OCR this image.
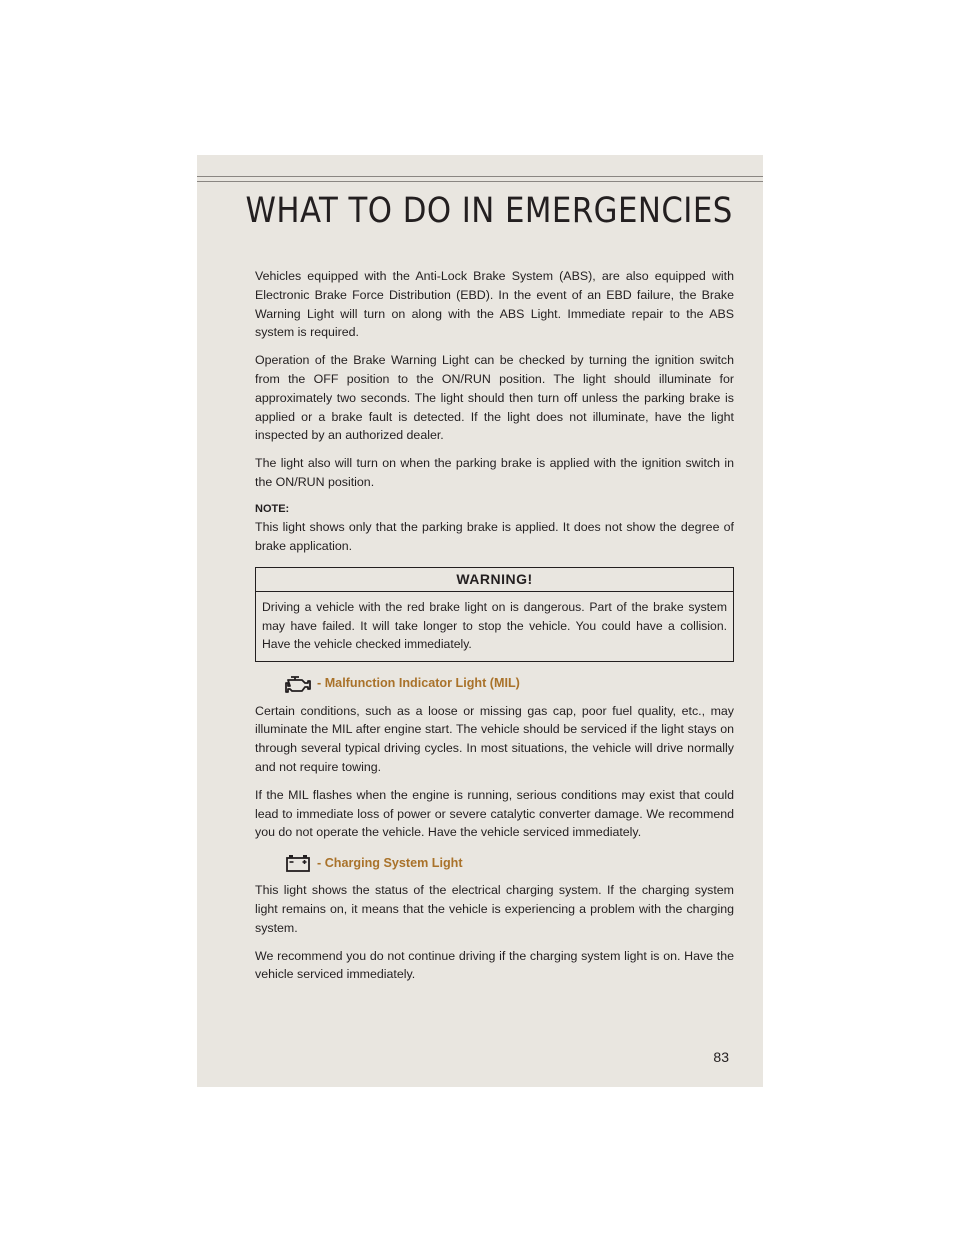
WHAT TO DO IN EMERGENCIES

Vehicles equipped with the Anti-Lock Brake System (ABS), are also equipped with Electronic Brake Force Distribution (EBD). In the event of an EBD failure, the Brake Warning Light will turn on along with the ABS Light. Immediate repair to the ABS system is required.

Operation of the Brake Warning Light can be checked by turning the ignition switch from the OFF position to the ON/RUN position. The light should illuminate for approximately two seconds. The light should then turn off unless the parking brake is applied or a brake fault is detected. If the light does not illuminate, have the light inspected by an authorized dealer.

The light also will turn on when the parking brake is applied with the ignition switch in the ON/RUN position.

NOTE:

This light shows only that the parking brake is applied. It does not show the degree of brake application.

WARNING!
Driving a vehicle with the red brake light on is dangerous. Part of the brake system may have failed. It will take longer to stop the vehicle. You could have a collision. Have the vehicle checked immediately.
- Malfunction Indicator Light (MIL)

Certain conditions, such as a loose or missing gas cap, poor fuel quality, etc., may illuminate the MIL after engine start. The vehicle should be serviced if the light stays on through several typical driving cycles. In most situations, the vehicle will drive normally and not require towing.

If the MIL flashes when the engine is running, serious conditions may exist that could lead to immediate loss of power or severe catalytic converter damage. We recommend you do not operate the vehicle. Have the vehicle serviced immediately.

- Charging System Light

This light shows the status of the electrical charging system. If the charging system light remains on, it means that the vehicle is experiencing a problem with the charging system.

We recommend you do not continue driving if the charging system light is on. Have the vehicle serviced immediately.

83
